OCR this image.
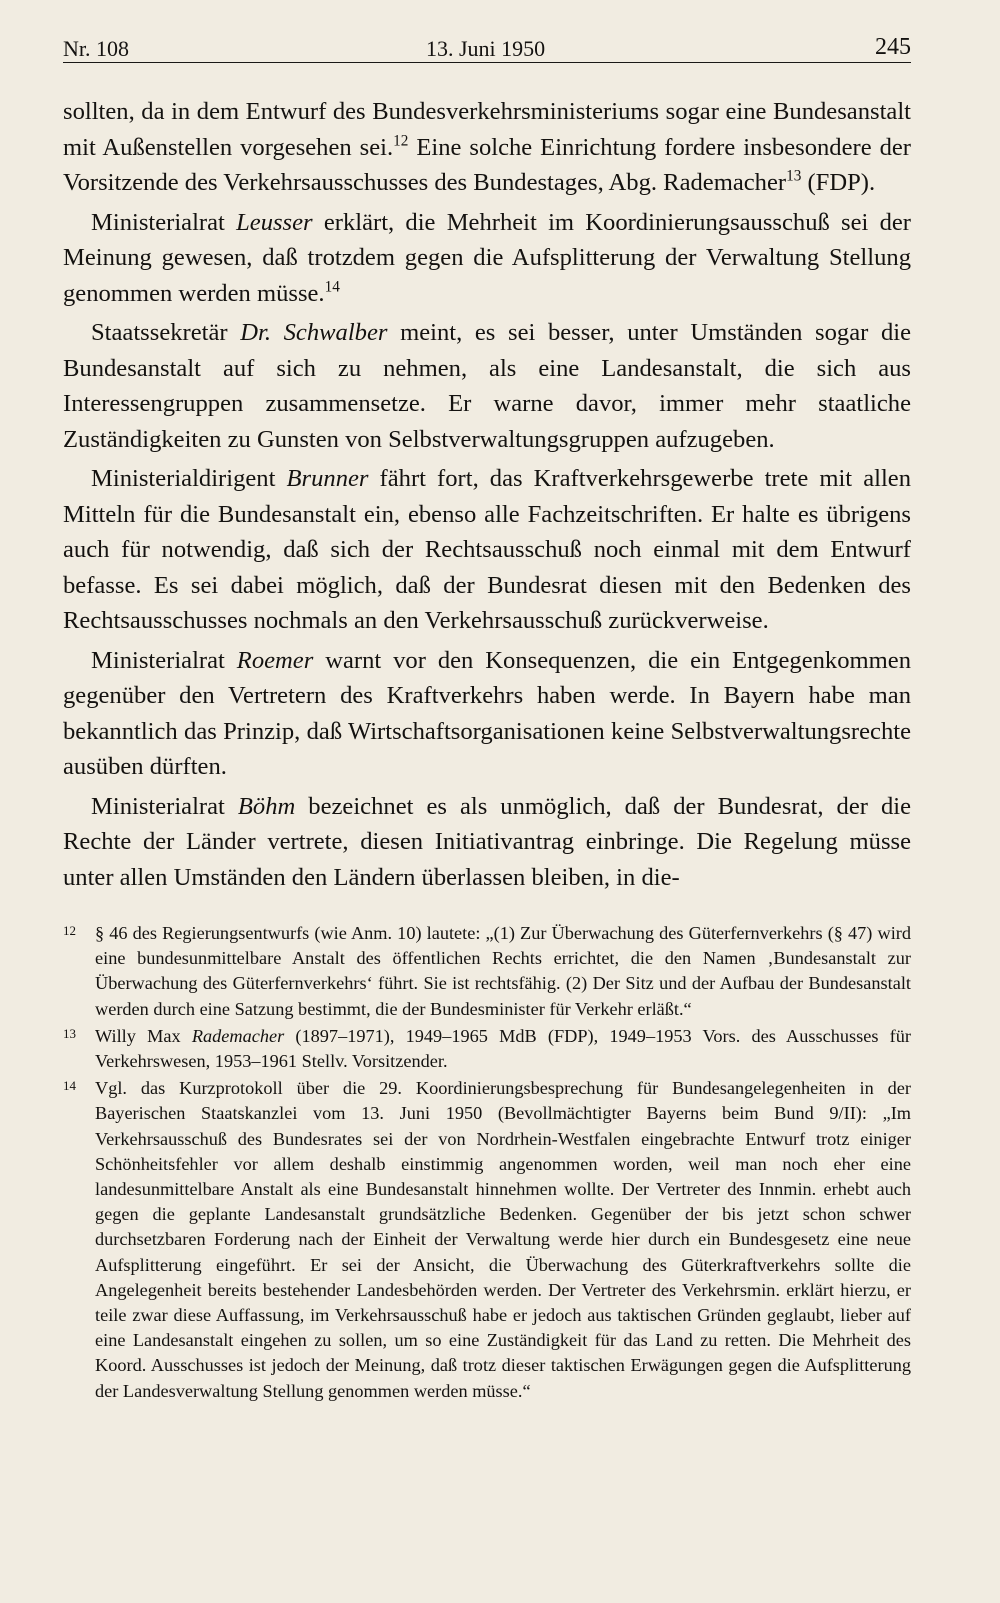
Nr. 108	13. Juni 1950	245

sollten, da in dem Entwurf des Bundesverkehrsministeriums sogar eine Bundesanstalt mit Außenstellen vorgesehen sei.$^{12}$ Eine solche Einrichtung fordere insbesondere der Vorsitzende des Verkehrsausschusses des Bundestages, Abg. Rademacher$^{13}$ (FDP).

Ministerialrat Leusser erklärt, die Mehrheit im Koordinierungsausschuß sei der Meinung gewesen, daß trotzdem gegen die Aufsplitterung der Verwaltung Stellung genommen werden müsse.$^{14}$

Staatssekretär Dr. Schwalber meint, es sei besser, unter Umständen sogar die Bundesanstalt auf sich zu nehmen, als eine Landesanstalt, die sich aus Interessengruppen zusammensetze. Er warne davor, immer mehr staatliche Zuständigkeiten zu Gunsten von Selbstverwaltungsgruppen aufzugeben.

Ministerialdirigent Brunner fährt fort, das Kraftverkehrsgewerbe trete mit allen Mitteln für die Bundesanstalt ein, ebenso alle Fachzeitschriften. Er halte es übrigens auch für notwendig, daß sich der Rechtsausschuß noch einmal mit dem Entwurf befasse. Es sei dabei möglich, daß der Bundesrat diesen mit den Bedenken des Rechtsausschusses nochmals an den Verkehrsausschuß zurückverweise.

Ministerialrat Roemer warnt vor den Konsequenzen, die ein Entgegenkommen gegenüber den Vertretern des Kraftverkehrs haben werde. In Bayern habe man bekanntlich das Prinzip, daß Wirtschaftsorganisationen keine Selbstverwaltungsrechte ausüben dürften.

Ministerialrat Böhm bezeichnet es als unmöglich, daß der Bundesrat, der die Rechte der Länder vertrete, diesen Initiativantrag einbringe. Die Regelung müsse unter allen Umständen den Ländern überlassen bleiben, in die-

12 § 46 des Regierungsentwurfs (wie Anm. 10) lautete: „(1) Zur Überwachung des Güterfernverkehrs (§ 47) wird eine bundesunmittelbare Anstalt des öffentlichen Rechts errichtet, die den Namen ‚Bundesanstalt zur Überwachung des Güterfernverkehrs‘ führt. Sie ist rechtsfähig. (2) Der Sitz und der Aufbau der Bundesanstalt werden durch eine Satzung bestimmt, die der Bundesminister für Verkehr erläßt.“
13 Willy Max Rademacher (1897–1971), 1949–1965 MdB (FDP), 1949–1953 Vors. des Ausschusses für Verkehrswesen, 1953–1961 Stellv. Vorsitzender.
14 Vgl. das Kurzprotokoll über die 29. Koordinierungsbesprechung für Bundesangelegenheiten in der Bayerischen Staatskanzlei vom 13. Juni 1950 (Bevollmächtigter Bayerns beim Bund 9/II): „Im Verkehrsausschuß des Bundesrates sei der von Nordrhein-Westfalen eingebrachte Entwurf trotz einiger Schönheitsfehler vor allem deshalb einstimmig angenommen worden, weil man noch eher eine landesunmittelbare Anstalt als eine Bundesanstalt hinnehmen wollte. Der Vertreter des Innmin. erhebt auch gegen die geplante Landesanstalt grundsätzliche Bedenken. Gegenüber der bis jetzt schon schwer durchsetzbaren Forderung nach der Einheit der Verwaltung werde hier durch ein Bundesgesetz eine neue Aufsplitterung eingeführt. Er sei der Ansicht, die Überwachung des Güterkraftverkehrs sollte die Angelegenheit bereits bestehender Landesbehörden werden. Der Vertreter des Verkehrsmin. erklärt hierzu, er teile zwar diese Auffassung, im Verkehrsausschuß habe er jedoch aus taktischen Gründen geglaubt, lieber auf eine Landesanstalt eingehen zu sollen, um so eine Zuständigkeit für das Land zu retten. Die Mehrheit des Koord. Ausschusses ist jedoch der Meinung, daß trotz dieser taktischen Erwägungen gegen die Aufsplitterung der Landesverwaltung Stellung genommen werden müsse.“
